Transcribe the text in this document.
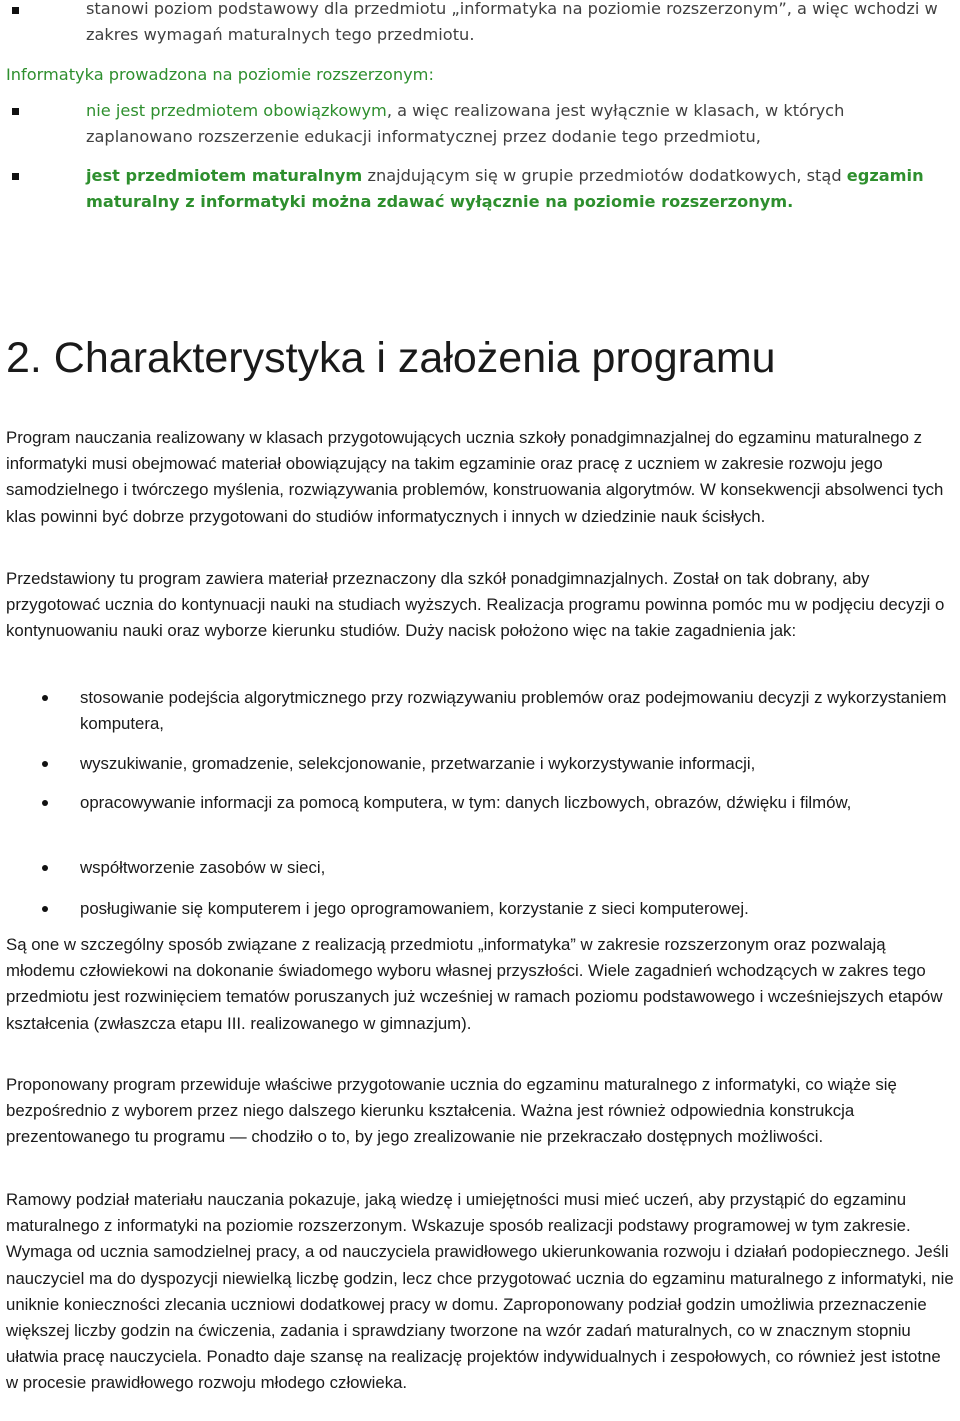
stanowi poziom podstawowy dla przedmiotu „informatyka na poziomie rozszerzonym”, a więc wchodzi w zakres wymagań maturalnych tego przedmiotu.
Informatyka prowadzona na poziomie rozszerzonym:
nie jest przedmiotem obowiązkowym, a więc realizowana jest wyłącznie w klasach, w których zaplanowano rozszerzenie edukacji informatycznej przez dodanie tego przedmiotu,
jest przedmiotem maturalnym znajdującym się w grupie przedmiotów dodatkowych, stąd egzamin maturalny z informatyki można zdawać wyłącznie na poziomie rozszerzonym.
2. Charakterystyka i założenia programu
Program nauczania realizowany w klasach przygotowujących ucznia szkoły ponadgimnazjalnej do egzaminu maturalnego z informatyki musi obejmować materiał obowiązujący na takim egzaminie oraz pracę z uczniem w zakresie rozwoju jego samodzielnego i twórczego myślenia, rozwiązywania problemów, konstruowania algorytmów. W konsekwencji absolwenci tych klas powinni być dobrze przygotowani do studiów informatycznych i innych w dziedzinie nauk ścisłych.
Przedstawiony tu program zawiera materiał przeznaczony dla szkół ponadgimnazjalnych. Został on tak dobrany, aby przygotować ucznia do kontynuacji nauki na studiach wyższych. Realizacja programu powinna pomóc mu w podjęciu decyzji o kontynuowaniu nauki oraz wyborze kierunku studiów. Duży nacisk położono więc na takie zagadnienia jak:
stosowanie podejścia algorytmicznego przy rozwiązywaniu problemów oraz podejmowaniu decyzji z wykorzystaniem komputera,
wyszukiwanie, gromadzenie, selekcjonowanie, przetwarzanie i wykorzystywanie informacji,
opracowywanie informacji za pomocą komputera, w tym: danych liczbowych, obrazów, dźwięku i filmów,
współtworzenie zasobów w sieci,
posługiwanie się komputerem i jego oprogramowaniem, korzystanie z sieci komputerowej.
Są one w szczególny sposób związane z realizacją przedmiotu „informatyka” w zakresie rozszerzonym oraz pozwalają młodemu człowiekowi na dokonanie świadomego wyboru własnej przyszłości. Wiele zagadnień wchodzących w zakres tego przedmiotu jest rozwinięciem tematów poruszanych już wcześniej w ramach poziomu podstawowego i wcześniejszych etapów kształcenia (zwłaszcza etapu III. realizowanego w gimnazjum).
Proponowany program przewiduje właściwe przygotowanie ucznia do egzaminu maturalnego z informatyki, co wiąże się bezpośrednio z wyborem przez niego dalszego kierunku kształcenia. Ważna jest również odpowiednia konstrukcja prezentowanego tu programu — chodziło o to, by jego zrealizowanie nie przekraczało dostępnych możliwości.
Ramowy podział materiału nauczania pokazuje, jaką wiedzę i umiejętności musi mieć uczeń, aby przystąpić do egzaminu maturalnego z informatyki na poziomie rozszerzonym. Wskazuje sposób realizacji podstawy programowej w tym zakresie. Wymaga od ucznia samodzielnej pracy, a od nauczyciela prawidłowego ukierunkowania rozwoju i działań podopiecznego. Jeśli nauczyciel ma do dyspozycji niewielką liczbę godzin, lecz chce przygotować ucznia do egzaminu maturalnego z informatyki, nie uniknie konieczności zlecania uczniowi dodatkowej pracy w domu. Zaproponowany podział godzin umożliwia przeznaczenie większej liczby godzin na ćwiczenia, zadania i sprawdziany tworzone na wzór zadań maturalnych, co w znacznym stopniu ułatwia pracę nauczyciela. Ponadto daje szansę na realizację projektów indywidualnych i zespołowych, co również jest istotne w procesie prawidłowego rozwoju młodego człowieka.
